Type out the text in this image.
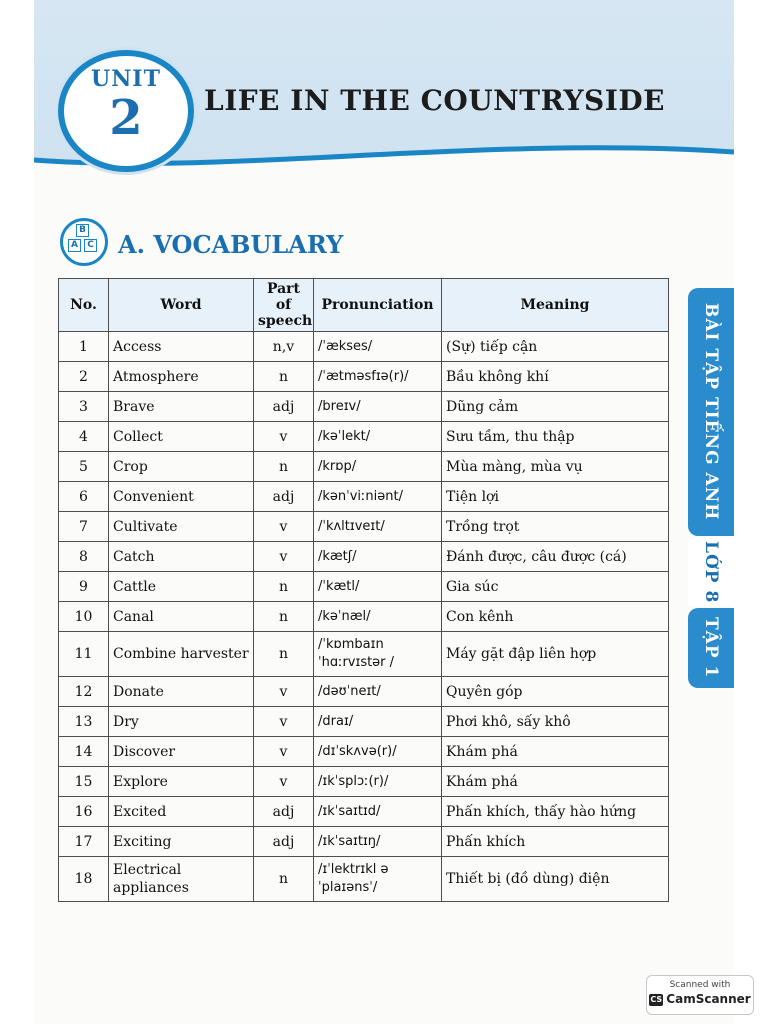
UNIT
2	LIFE IN THE COUNTRYSIDE
B
A	C A. VOCABULARY
No.	Word	Part of speech	Pronunciation	Meaning
1	Access	n,v	/ˈækses/	(Sự) tiếp cận
2	Atmosphere	n	/ˈætməsfɪə(r)/	Bầu không khí
3	Brave	adj	/breɪv/	Dũng cảm
4	Collect	v	/kəˈlekt/	Sưu tầm, thu thập
5	Crop	n	/krɒp/	Mùa màng, mùa vụ
6	Convenient	adj	/kənˈviːniənt/	Tiện lợi
7	Cultivate	v	/ˈkʌltɪveɪt/	Trồng trọt
8	Catch	v	/kætʃ/	Đánh được, câu được (cá)
9	Cattle	n	/ˈkætl/	Gia súc
10	Canal	n	/kəˈnæl/	Con kênh
11	Combine harvester	n	/ˈkɒmbaɪn ˈhɑːrvɪstər /	Máy gặt đập liên hợp
12	Donate	v	/dəʊˈneɪt/	Quyên góp
13	Dry	v	/draɪ/	Phơi khô, sấy khô
14	Discover	v	/dɪˈskʌvə(r)/	Khám phá
15	Explore	v	/ɪkˈsplɔː(r)/	Khám phá
16	Excited	adj	/ɪkˈsaɪtɪd/	Phấn khích, thấy hào hứng
17	Exciting	adj	/ɪkˈsaɪtɪŋ/	Phấn khích
18	Electrical appliances	n	/ɪˈlektrɪkl əˈplaɪənsˈ/	Thiết bị (đồ dùng) điện
BÀI TẬP TIẾNG ANH
LỚP 8
TẬP 1
Scanned with
CS CamScanner
